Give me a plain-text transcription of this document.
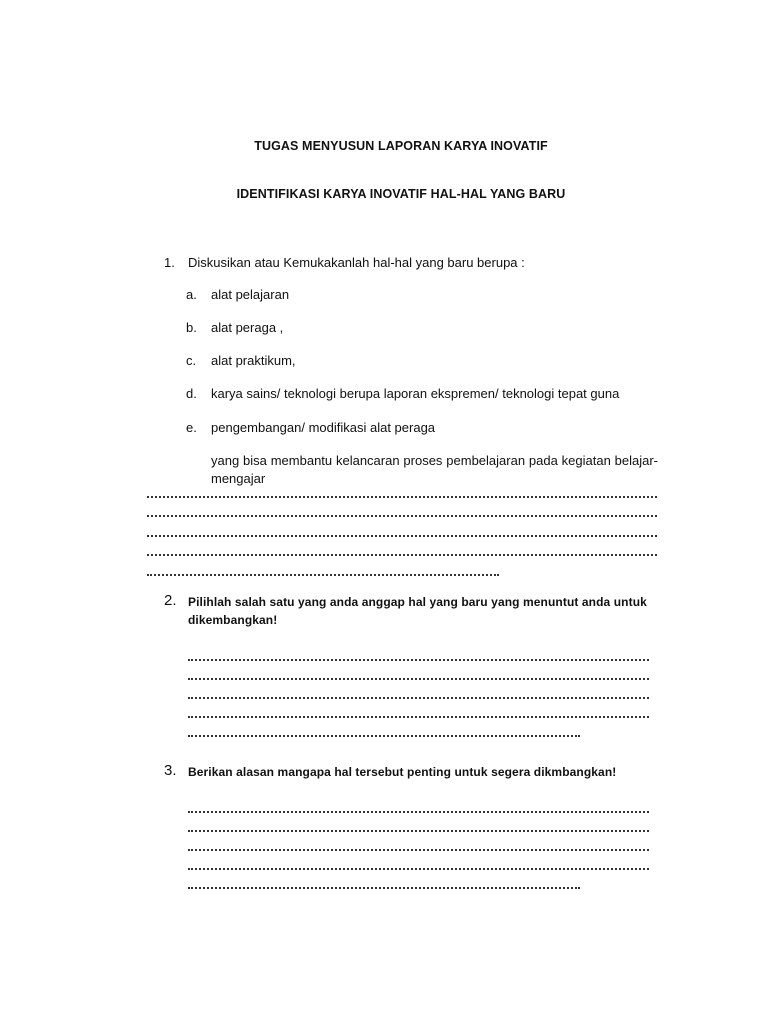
TUGAS MENYUSUN LAPORAN KARYA INOVATIF
IDENTIFIKASI KARYA INOVATIF HAL-HAL YANG BARU
1. Diskusikan atau Kemukakanlah hal-hal yang baru berupa :
a. alat pelajaran
b. alat peraga ,
c. alat praktikum,
d. karya sains/ teknologi berupa laporan ekspremen/ teknologi tepat guna
e. pengembangan/ modifikasi alat peraga
yang bisa membantu kelancaran proses pembelajaran pada kegiatan belajar-mengajar
2. Pilihlah salah satu yang anda anggap hal yang baru yang menuntut anda untuk
dikembangkan!
3. Berikan alasan mangapa hal tersebut penting untuk segera dikmbangkan!
